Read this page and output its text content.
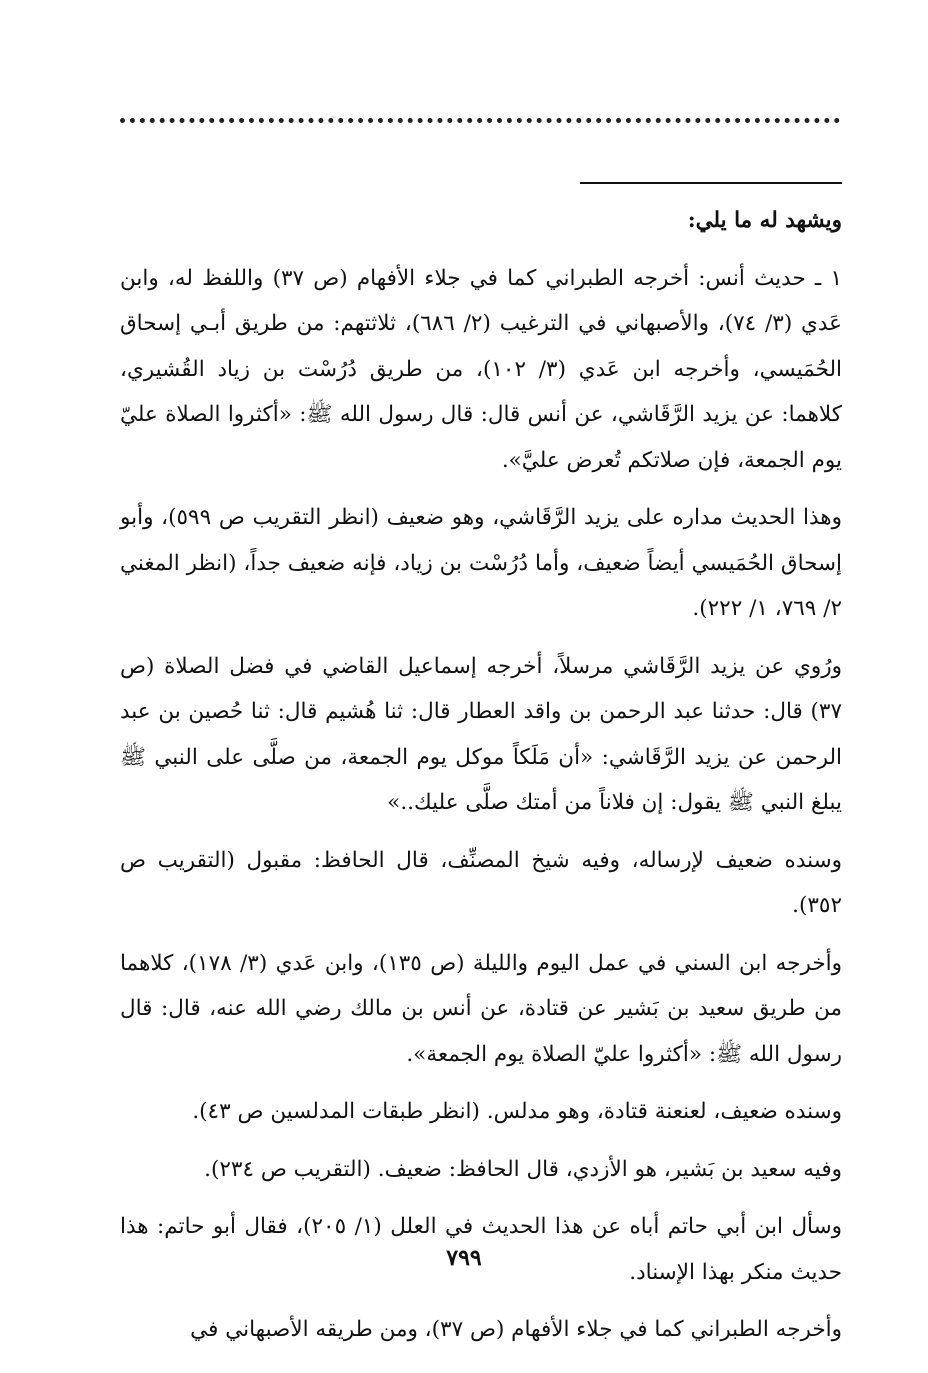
ويشهد له ما يلي:

١ ـ حديث أنس: أخرجه الطبراني كما في جلاء الأفهام (ص ٣٧) واللفظ له، وابن عَدي (٣/ ٧٤)، والأصبهاني في الترغيب (٢/ ٦٨٦)، ثلاثتهم: من طريق أبـي إسحاق الحُمَيسي، وأخرجه ابن عَدي (٣/ ١٠٢)، من طريق دُرُسْت بن زياد القُشيري، كلاهما: عن يزيد الرَّقَاشي، عن أنس قال: قال رسول الله ﷺ: «أكثروا الصلاة عليّ يوم الجمعة، فإن صلاتكم تُعرض عليَّ».

وهذا الحديث مداره على يزيد الرَّقَاشي، وهو ضعيف (انظر التقريب ص ٥٩٩)، وأبو إسحاق الحُمَيسي أيضاً ضعيف، وأما دُرُسْت بن زياد، فإنه ضعيف جداً، (انظر المغني ٢/ ٧٦٩، ١/ ٢٢٢).

ورُوي عن يزيد الرَّقَاشي مرسلاً، أخرجه إسماعيل القاضي في فضل الصلاة (ص ٣٧) قال: حدثنا عبد الرحمن بن واقد العطار قال: ثنا هُشيم قال: ثنا حُصين بن عبد الرحمن عن يزيد الرَّقَاشي: «أن مَلَكاً موكل يوم الجمعة، من صلَّى على النبي ﷺ يبلغ النبي ﷺ يقول: إن فلاناً من أمتك صلَّى عليك..»

وسنده ضعيف لإرساله، وفيه شيخ المصنِّف، قال الحافظ: مقبول (التقريب ص ٣٥٢).

وأخرجه ابن السني في عمل اليوم والليلة (ص ١٣٥)، وابن عَدي (٣/ ١٧٨)، كلاهما من طريق سعيد بن بَشير عن قتادة، عن أنس بن مالك رضي الله عنه، قال: قال رسول الله ﷺ: «أكثروا عليّ الصلاة يوم الجمعة».

وسنده ضعيف، لعنعنة قتادة، وهو مدلس. (انظر طبقات المدلسين ص ٤٣).

وفيه سعيد بن بَشير، هو الأزدي، قال الحافظ: ضعيف. (التقريب ص ٢٣٤).

وسأل ابن أبي حاتم أباه عن هذا الحديث في العلل (١/ ٢٠٥)، فقال أبو حاتم: هذا حديث منكر بهذا الإسناد.

وأخرجه الطبراني كما في جلاء الأفهام (ص ٣٧)، ومن طريقه الأصبهاني في

٧٩٩
